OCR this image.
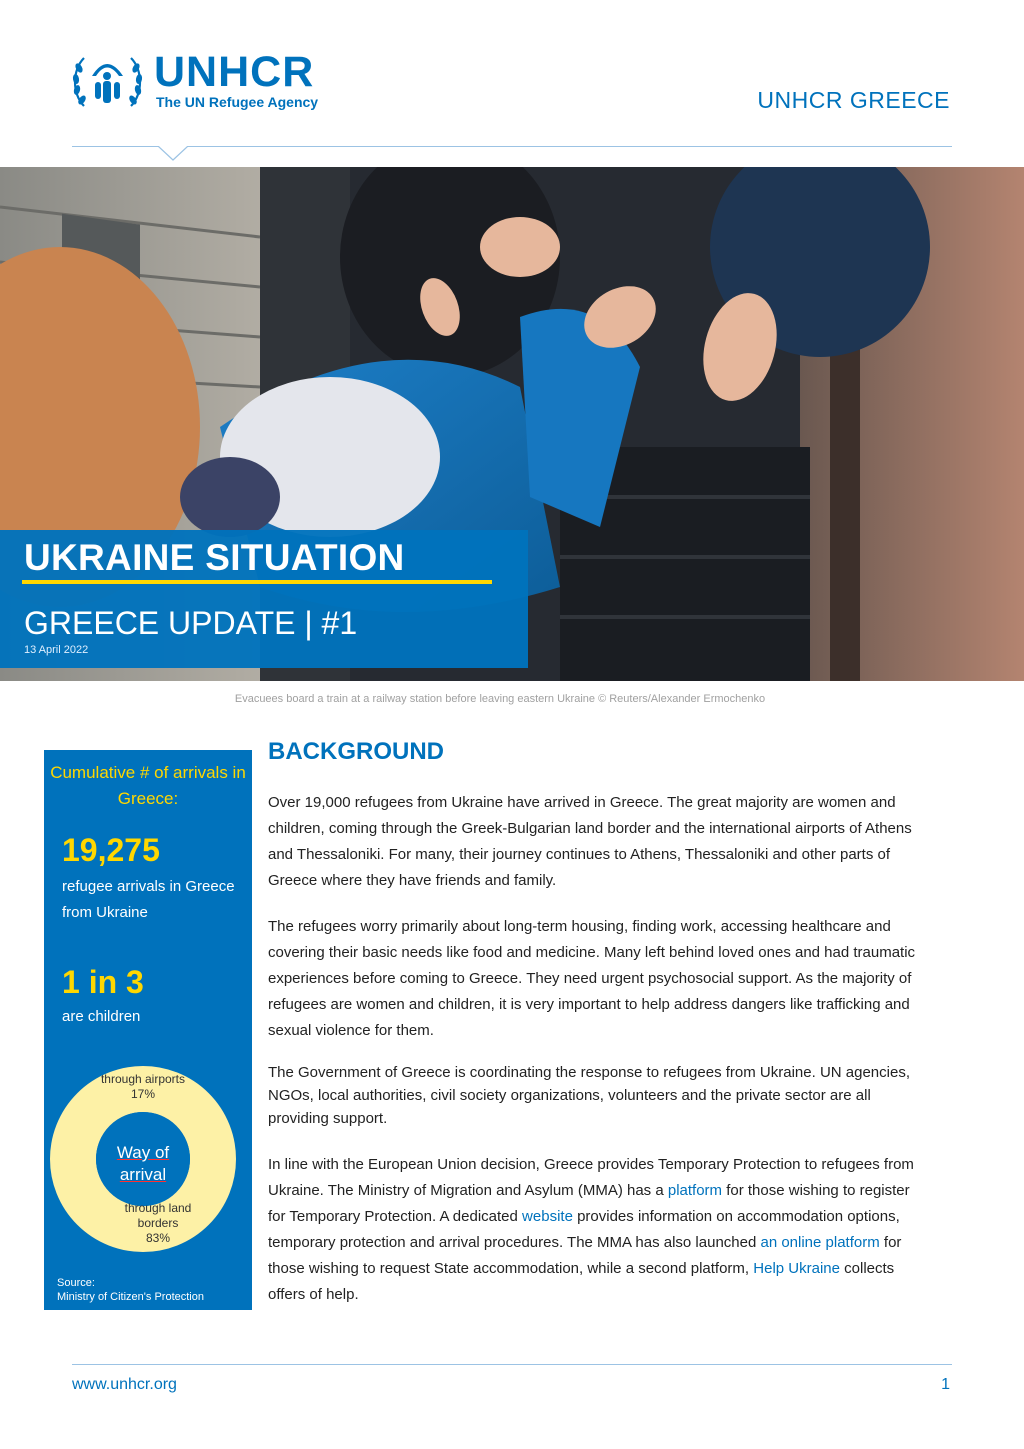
UNHCR
The UN Refugee Agency	UNHCR GREECE
UKRAINE SITUATION
GREECE UPDATE | #1
13 April 2022
Evacuees board a train at a railway station before leaving eastern Ukraine © Reuters/Alexander Ermochenko
Cumulative # of arrivals in Greece:
19,275
refugee arrivals in Greece from Ukraine
1 in 3
are children
through airports
17%
Way of arrival
through land borders
83%
Source:
Ministry of Citizen's Protection
BACKGROUND

Over 19,000 refugees from Ukraine have arrived in Greece. The great majority are women and children, coming through the Greek-Bulgarian land border and the international airports of Athens and Thessaloniki. For many, their journey continues to Athens, Thessaloniki and other parts of Greece where they have friends and family.

The refugees worry primarily about long-term housing, finding work, accessing healthcare and covering their basic needs like food and medicine. Many left behind loved ones and had traumatic experiences before coming to Greece. They need urgent psychosocial support. As the majority of refugees are women and children, it is very important to help address dangers like trafficking and sexual violence for them.

The Government of Greece is coordinating the response to refugees from Ukraine. UN agencies, NGOs, local authorities, civil society organizations, volunteers and the private sector are all providing support.

In line with the European Union decision, Greece provides Temporary Protection to refugees from Ukraine. The Ministry of Migration and Asylum (MMA) has a platform for those wishing to register for Temporary Protection. A dedicated website provides information on accommodation options, temporary protection and arrival procedures. The MMA has also launched an online platform for those wishing to request State accommodation, while a second platform, Help Ukraine collects offers of help.

www.unhcr.org	1
